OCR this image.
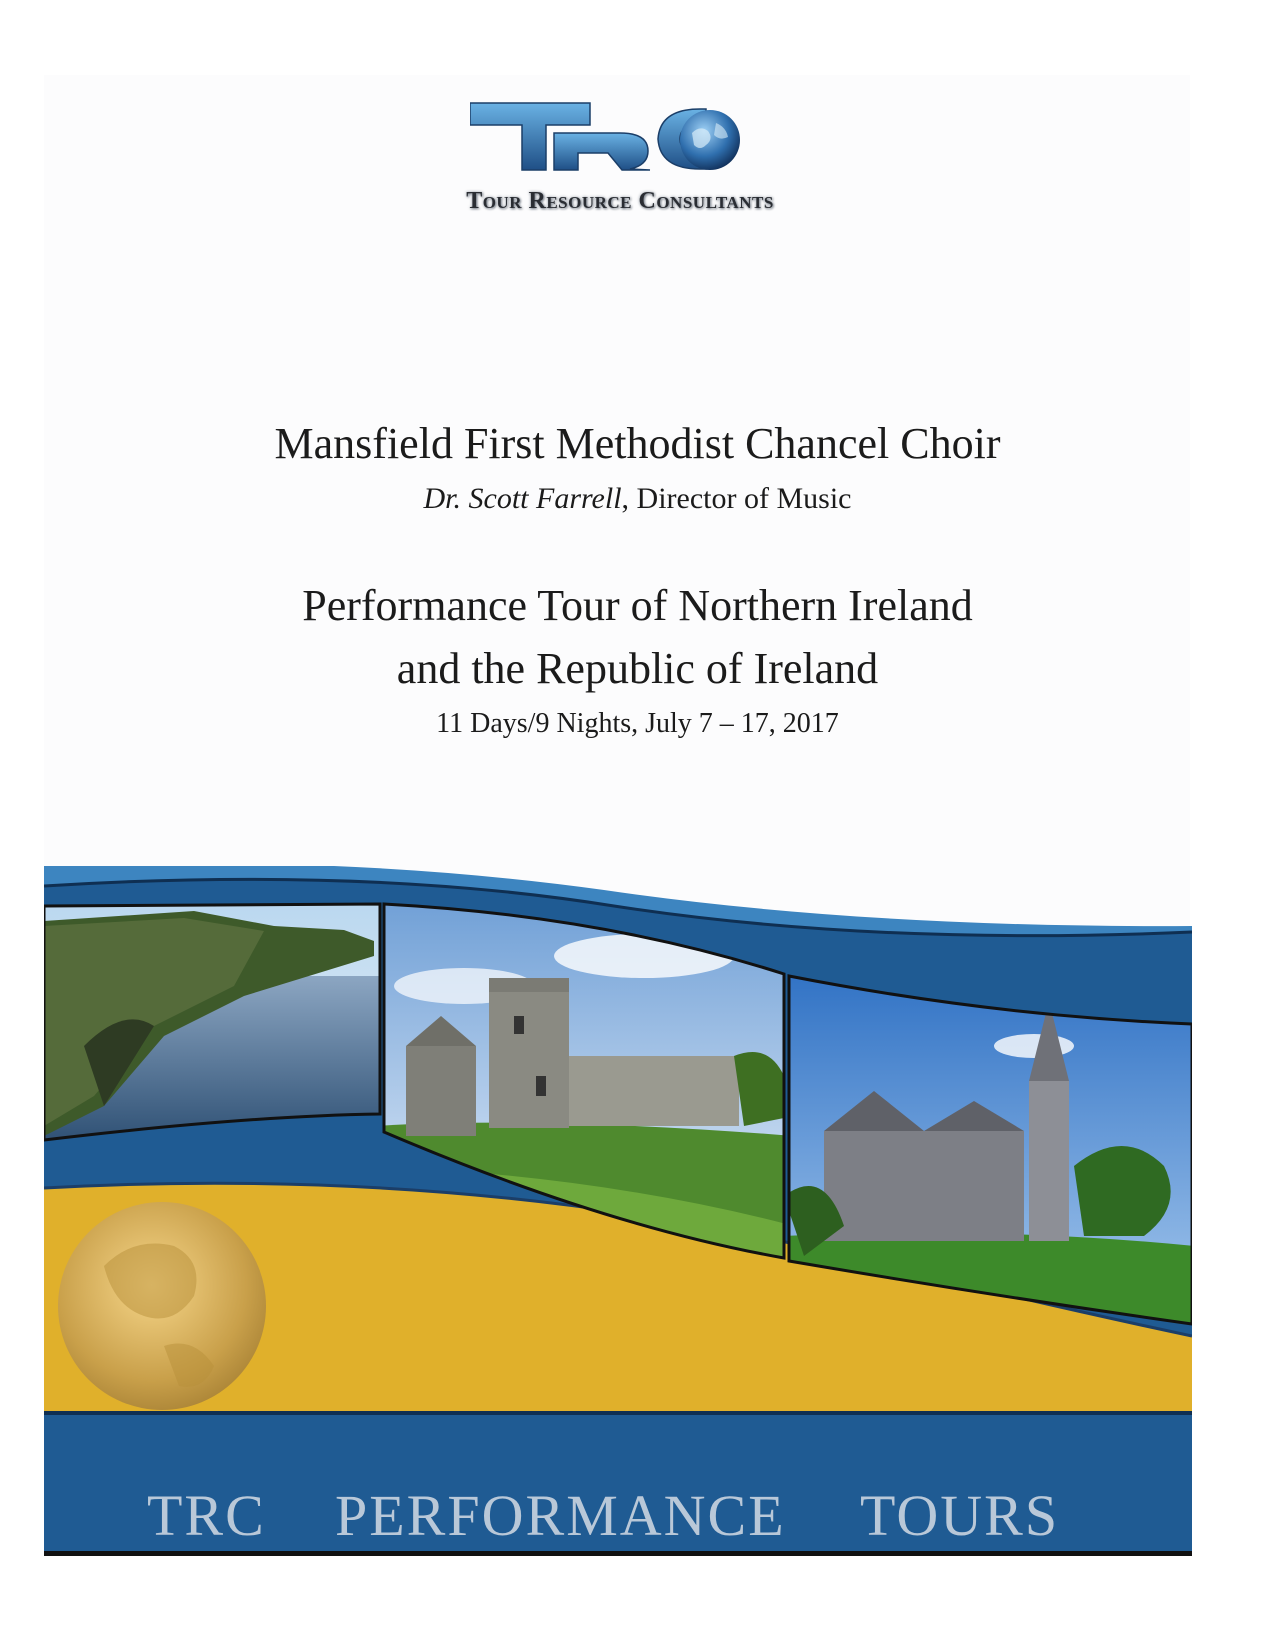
Tour Resource Consultants
Mansfield First Methodist Chancel Choir
Dr. Scott Farrell, Director of Music
Performance Tour of Northern Ireland
and the Republic of Ireland
11 Days/9 Nights, July 7 – 17, 2017
TRC PERFORMANCE TOURS
